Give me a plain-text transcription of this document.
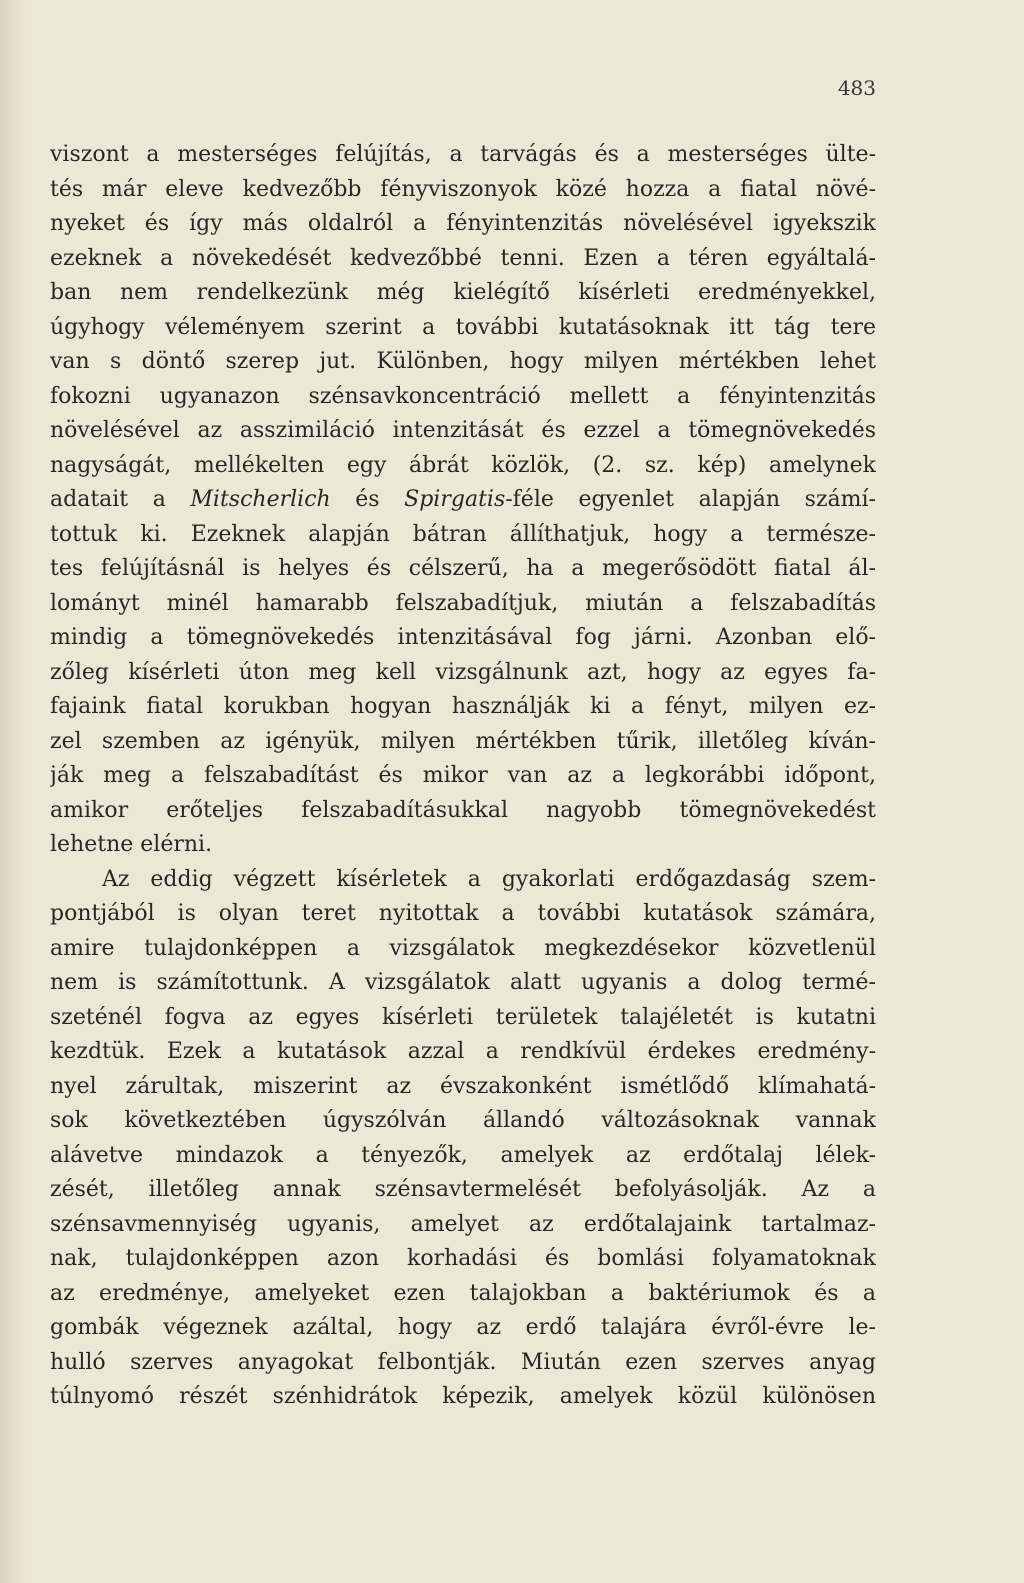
483
viszont a mesterséges felújítás, a tarvágás és a mesterséges ülte-
tés már eleve kedvezőbb fényviszonyok közé hozza a fiatal növé-
nyeket és így más oldalról a fényintenzitás növelésével igyekszik
ezeknek a növekedését kedvezőbbé tenni. Ezen a téren egyáltalá-
ban nem rendelkezünk még kielégítő kísérleti eredményekkel,
úgyhogy véleményem szerint a további kutatásoknak itt tág tere
van s döntő szerep jut. Különben, hogy milyen mértékben lehet
fokozni ugyanazon szénsavkoncentráció mellett a fényintenzitás
növelésével az asszimiláció intenzitását és ezzel a tömegnövekedés
nagyságát, mellékelten egy ábrát közlök, (2. sz. kép) amelynek
adatait a Mitscherlich és Spirgatis-féle egyenlet alapján számí-
tottuk ki. Ezeknek alapján bátran állíthatjuk, hogy a természe-
tes felújításnál is helyes és célszerű, ha a megerősödött fiatal ál-
lományt minél hamarabb felszabadítjuk, miután a felszabadítás
mindig a tömegnövekedés intenzitásával fog járni. Azonban elő-
zőleg kísérleti úton meg kell vizsgálnunk azt, hogy az egyes fa-
fajaink fiatal korukban hogyan használják ki a fényt, milyen ez-
zel szemben az igényük, milyen mértékben tűrik, illetőleg kíván-
ják meg a felszabadítást és mikor van az a legkorábbi időpont,
amikor erőteljes felszabadításukkal nagyobb tömegnövekedést
lehetne elérni.
Az eddig végzett kísérletek a gyakorlati erdőgazdaság szem-
pontjából is olyan teret nyitottak a további kutatások számára,
amire tulajdonképpen a vizsgálatok megkezdésekor közvetlenül
nem is számítottunk. A vizsgálatok alatt ugyanis a dolog termé-
szeténél fogva az egyes kísérleti területek talajéletét is kutatni
kezdtük. Ezek a kutatások azzal a rendkívül érdekes eredmény-
nyel zárultak, miszerint az évszakonként ismétlődő klímahatá-
sok következtében úgyszólván állandó változásoknak vannak
alávetve mindazok a tényezők, amelyek az erdőtalaj lélek-
zését, illetőleg annak szénsavtermelését befolyásolják. Az a
szénsavmennyiség ugyanis, amelyet az erdőtalajaink tartalmaz-
nak, tulajdonképpen azon korhadási és bomlási folyamatoknak
az eredménye, amelyeket ezen talajokban a baktériumok és a
gombák végeznek azáltal, hogy az erdő talajára évről-évre le-
hulló szerves anyagokat felbontják. Miután ezen szerves anyag
túlnyomó részét szénhidrátok képezik, amelyek közül különösen
